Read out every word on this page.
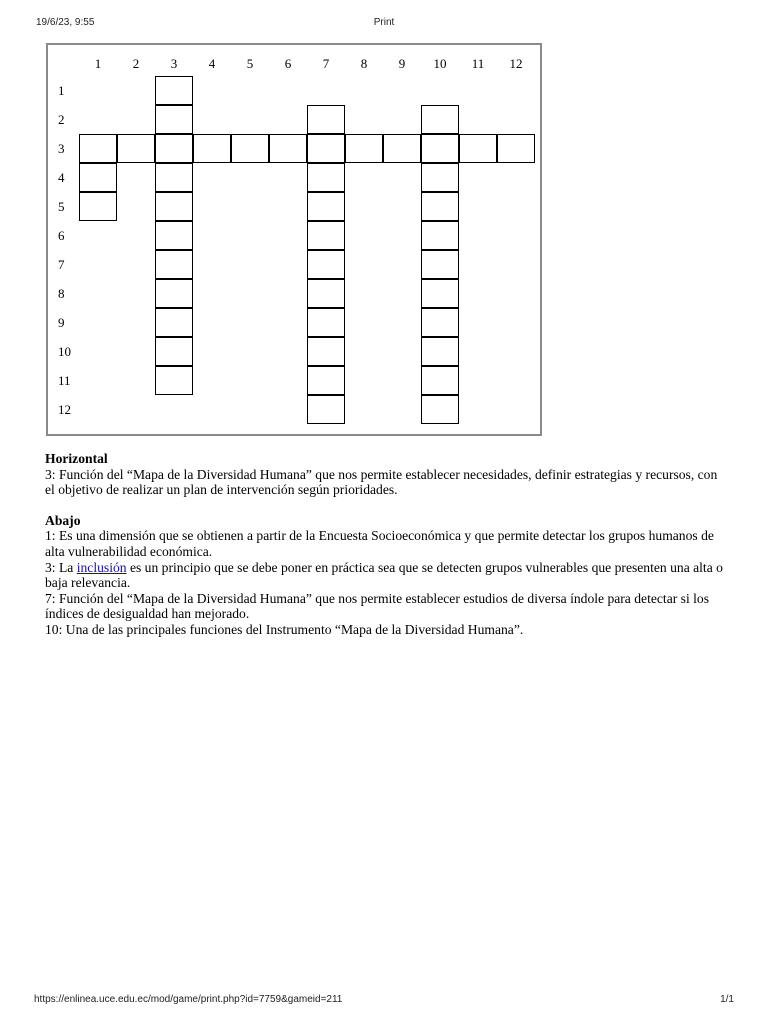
19/6/23, 9:55	Print
1	2	3	4	5	6	7	8	9	10	11	12
1
2
3
4
5
6
7
8
9
10
11
12

Horizontal

3: Función del “Mapa de la Diversidad Humana” que nos permite establecer necesidades, definir estrategias y recursos, con el objetivo de realizar un plan de intervención según prioridades.

Abajo

1: Es una dimensión que se obtienen a partir de la Encuesta Socioeconómica y que permite detectar los grupos humanos de alta vulnerabilidad económica.

3: La inclusión es un principio que se debe poner en práctica sea que se detecten grupos vulnerables que presenten una alta o baja relevancia.

7: Función del “Mapa de la Diversidad Humana” que nos permite establecer estudios de diversa índole para detectar si los índices de desigualdad han mejorado.

10: Una de las principales funciones del Instrumento “Mapa de la Diversidad Humana”.

https://enlinea.uce.edu.ec/mod/game/print.php?id=7759&gameid=211	1/1
